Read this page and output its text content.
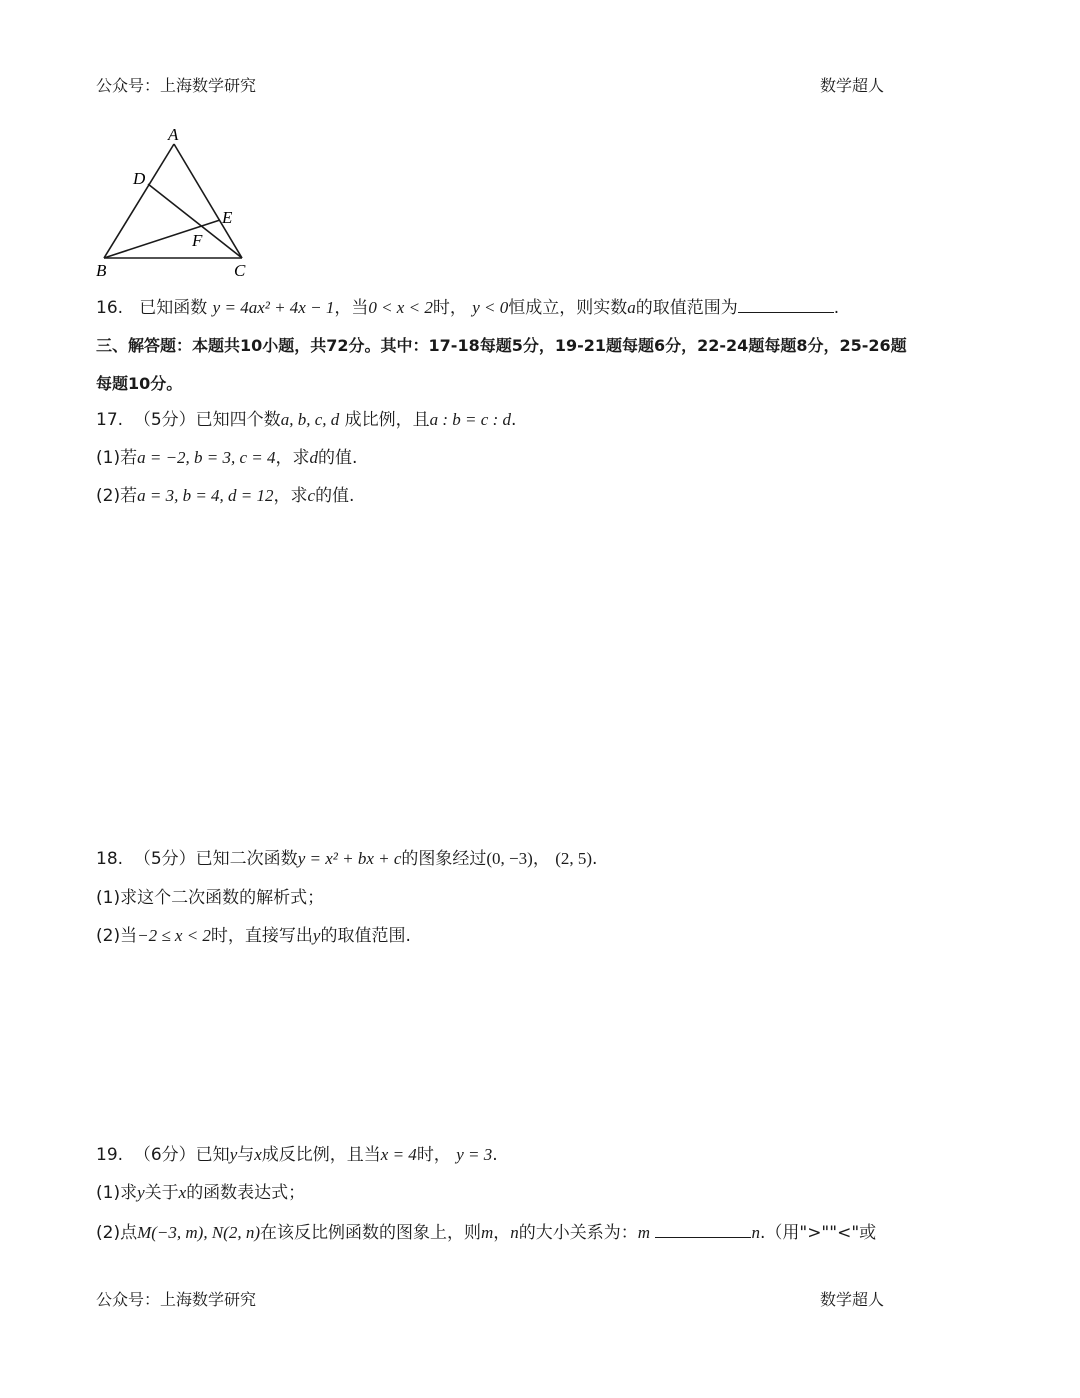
公众号：上海数学研究	数学超人
A
D
E
F
B	C
16. 已知函数 y = 4ax² + 4x − 1，当0 < x < 2时， y < 0恒成立，则实数a的取值范围为	.
三、解答题：本题共10小题，共72分。其中：17-18每题5分，19-21题每题6分，22-24题每题8分，25-26题
每题10分。
17. （5分）已知四个数a, b, c, d 成比例，且a : b = c : d.
(1)若a = −2, b = 3, c = 4，求d的值.
(2)若a = 3, b = 4, d = 12，求c的值.
18. （5分）已知二次函数y = x² + bx + c的图象经过(0, −3)， (2, 5).
(1)求这个二次函数的解析式；
(2)当−2 ≤ x < 2时，直接写出y的取值范围.
19. （6分）已知y与x成反比例，且当x = 4时， y = 3.
(1)求y关于x的函数表达式；
(2)点M(−3, m), N(2, n)在该反比例函数的图象上，则m，n的大小关系为：m	n.（用">""<"或
公众号：上海数学研究	数学超人
